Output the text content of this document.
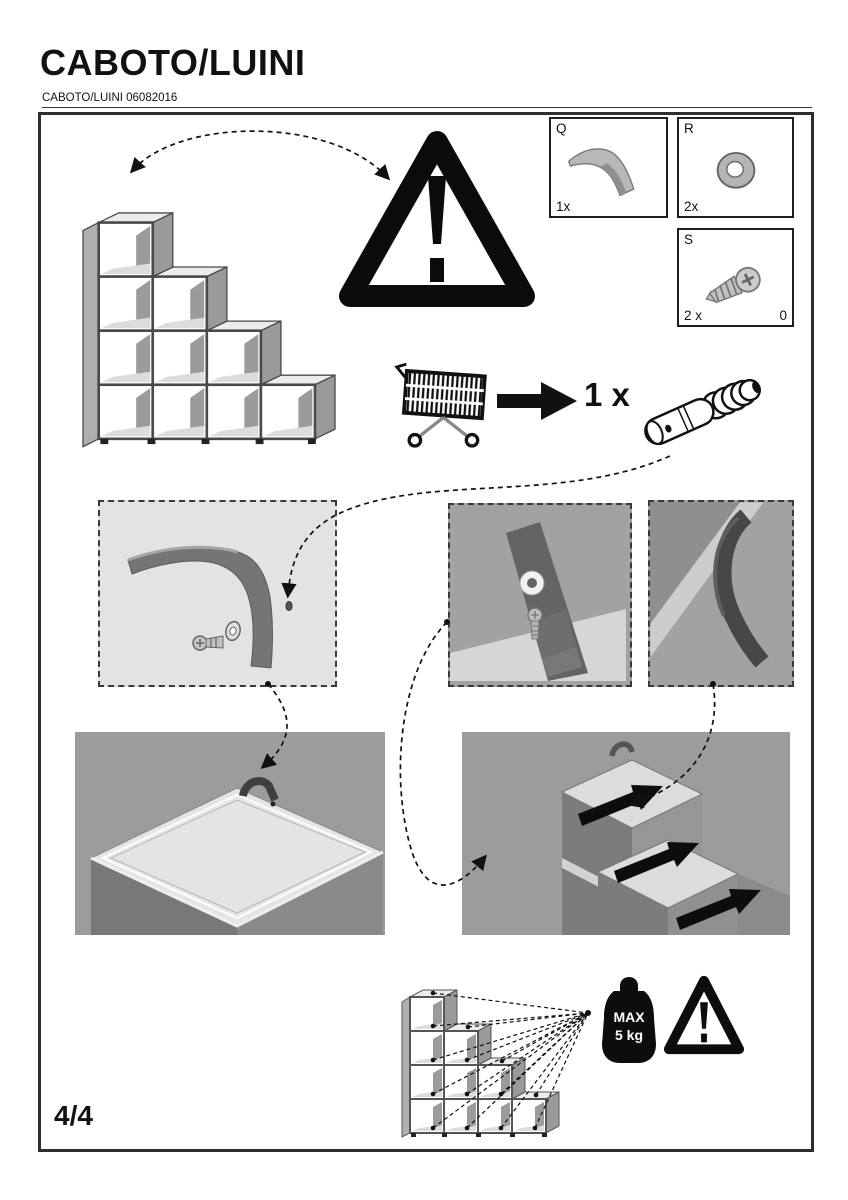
CABOTO/LUINI
CABOTO/LUINI 06082016
Q
1x
R
2x
S
2 x	0
1 x
MAX
5 kg
4/4
